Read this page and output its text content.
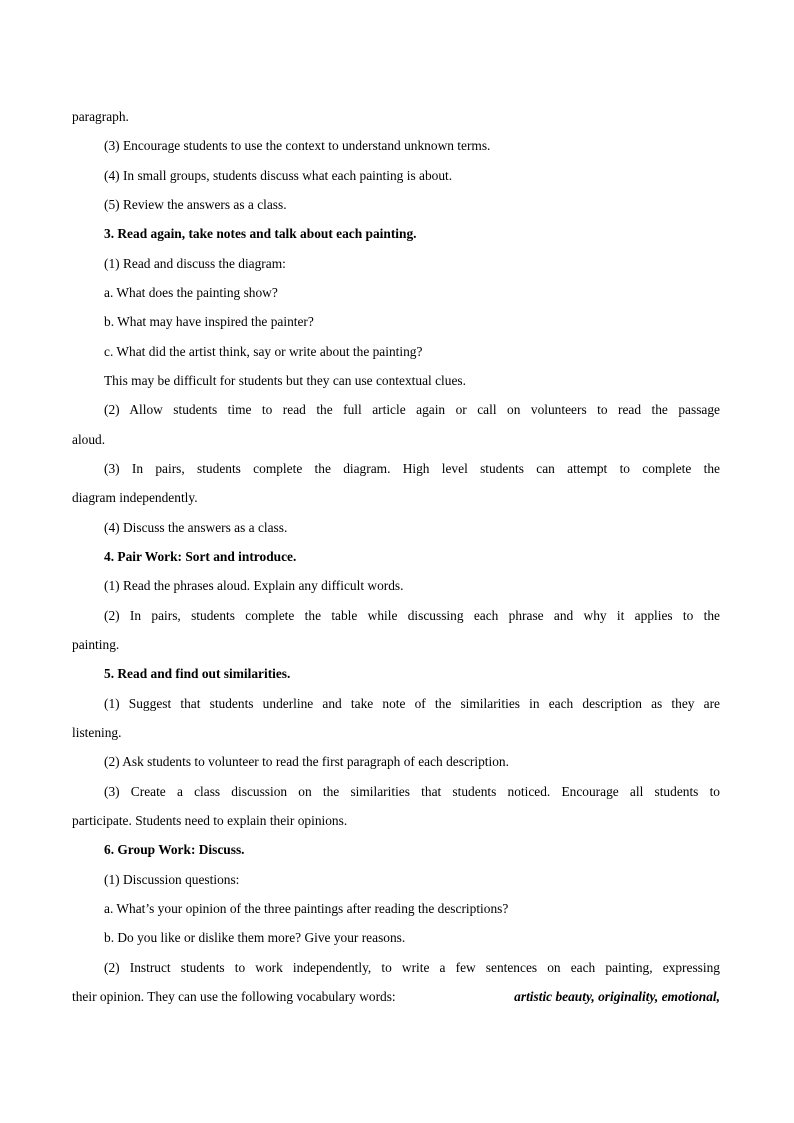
paragraph.
(3) Encourage students to use the context to understand unknown terms.
(4) In small groups, students discuss what each painting is about.
(5) Review the answers as a class.
3. Read again, take notes and talk about each painting.
(1) Read and discuss the diagram:
a. What does the painting show?
b. What may have inspired the painter?
c. What did the artist think, say or write about the painting?
This may be difficult for students but they can use contextual clues.
(2) Allow students time to read the full article again or call on volunteers to read the passage
aloud.
(3) In pairs, students complete the diagram. High level students can attempt to complete the
diagram independently.
(4) Discuss the answers as a class.
4. Pair Work: Sort and introduce.
(1) Read the phrases aloud. Explain any difficult words.
(2) In pairs, students complete the table while discussing each phrase and why it applies to the
painting.
5. Read and find out similarities.
(1) Suggest that students underline and take note of the similarities in each description as they are
listening.
(2) Ask students to volunteer to read the first paragraph of each description.
(3) Create a class discussion on the similarities that students noticed. Encourage all students to
participate. Students need to explain their opinions.
6. Group Work: Discuss.
(1) Discussion questions:
a. What’s your opinion of the three paintings after reading the descriptions?
b. Do you like or dislike them more? Give your reasons.
(2) Instruct students to work independently, to write a few sentences on each painting, expressing
their opinion. They can use the following vocabulary words:	artistic beauty, originality, emotional,
